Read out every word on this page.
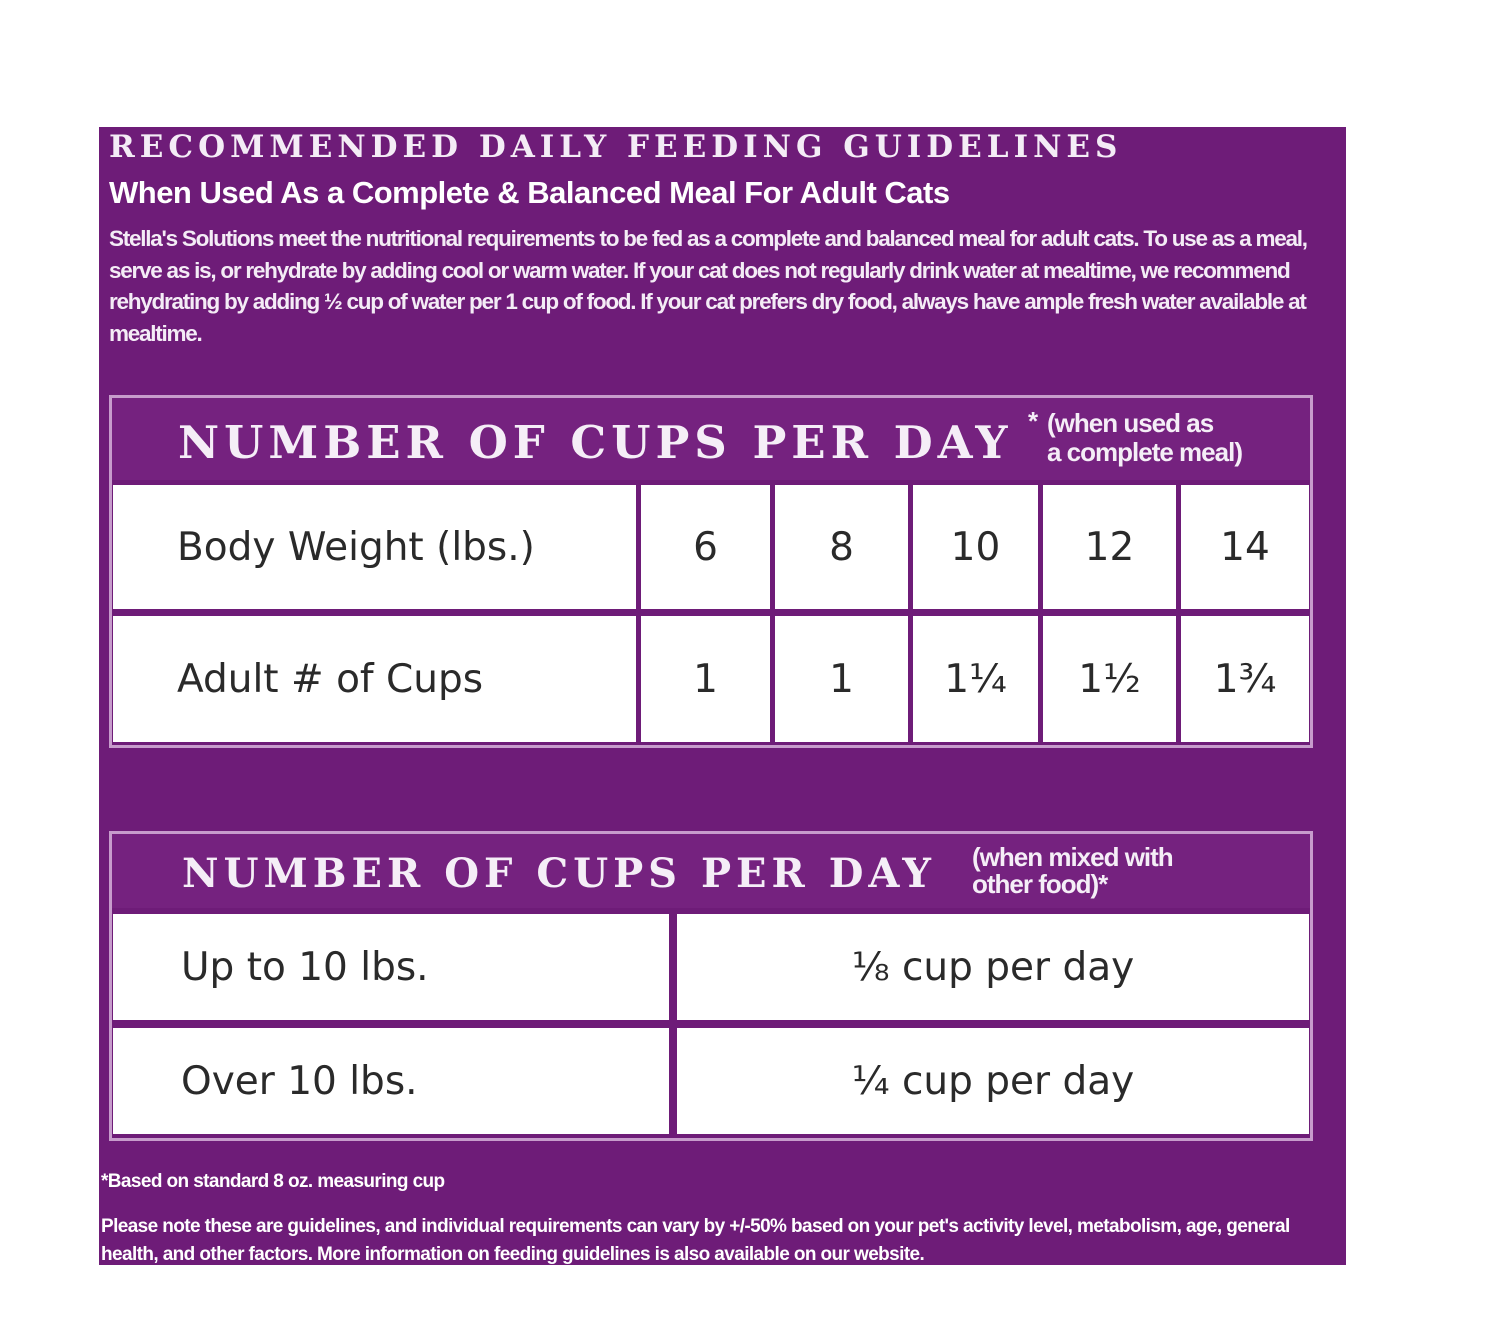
RECOMMENDED DAILY FEEDING GUIDELINES
When Used As a Complete & Balanced Meal For Adult Cats
Stella's Solutions meet the nutritional requirements to be fed as a complete and balanced meal for adult cats. To use as a meal, serve as is, or rehydrate by adding cool or warm water. If your cat does not regularly drink water at mealtime, we recommend rehydrating by adding ½ cup of water per 1 cup of food. If your cat prefers dry food, always have ample fresh water available at mealtime.
NUMBER OF CUPS PER DAY * (when used as
a complete meal)
Body Weight (lbs.)	6	8	10	12	14
Adult # of Cups	1	1	1¼	1½	1¾
NUMBER OF CUPS PER DAY (when mixed with
other food)*
Up to 10 lbs.	⅛ cup per day
Over 10 lbs.	¼ cup per day
*Based on standard 8 oz. measuring cup
Please note these are guidelines, and individual requirements can vary by +/-50% based on your pet's activity level, metabolism, age, general health, and other factors. More information on feeding guidelines is also available on our website.
